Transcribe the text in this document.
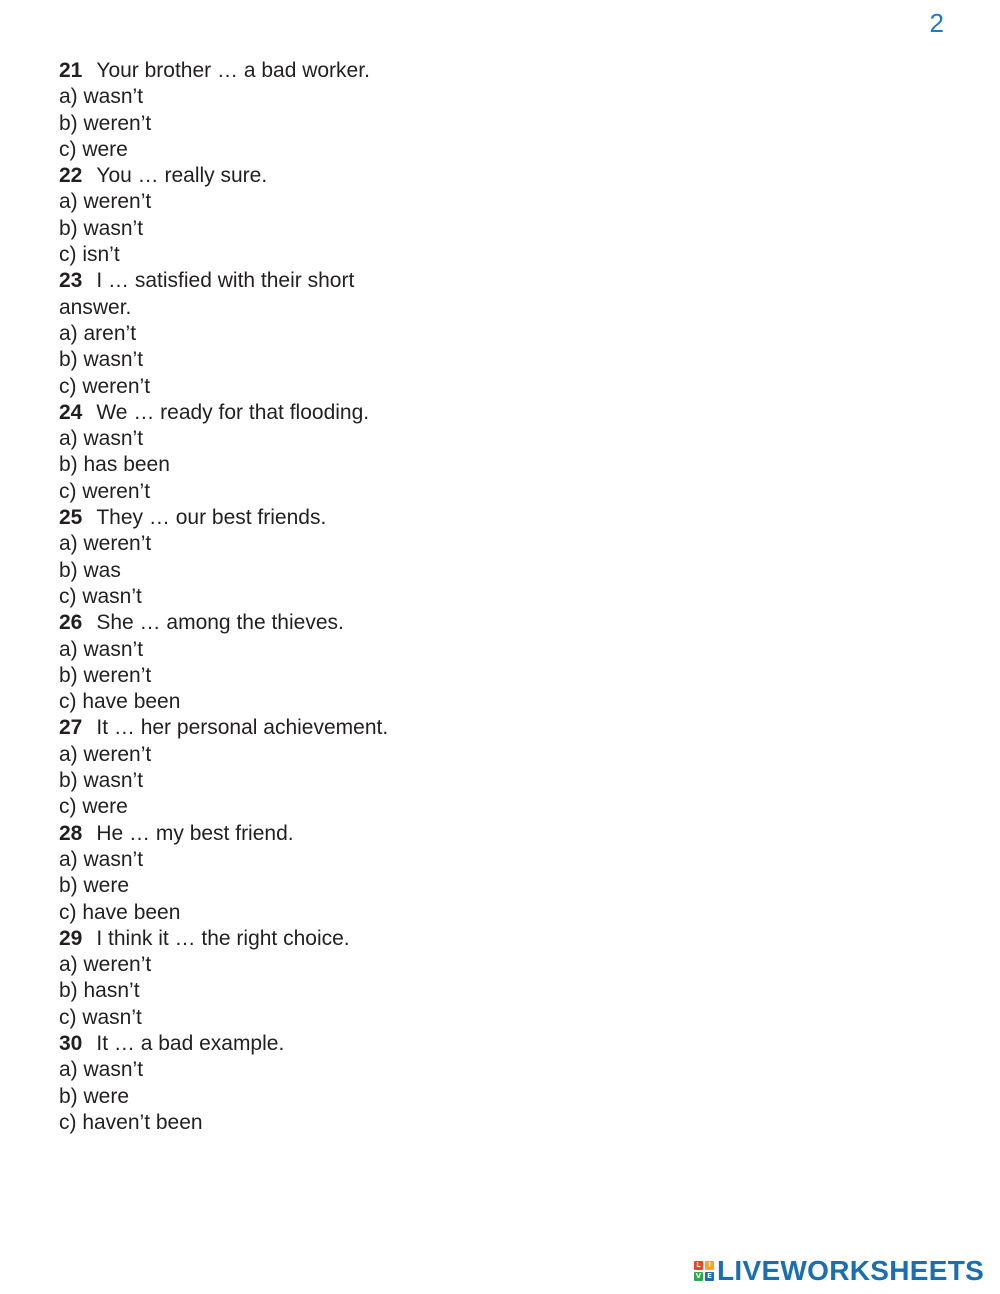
2
21 Your brother … a bad worker.
a) wasn’t
b) weren’t
c) were
22 You … really sure.
a) weren’t
b) wasn’t
c) isn’t
23 I … satisfied with their short
answer.
a) aren’t
b) wasn’t
c) weren’t
24 We … ready for that flooding.
a) wasn’t
b) has been
c) weren’t
25 They … our best friends.
a) weren’t
b) was
c) wasn’t
26 She … among the thieves.
a) wasn’t
b) weren’t
c) have been
27 It … her personal achievement.
a) weren’t
b) wasn’t
c) were
28 He … my best friend.
a) wasn’t
b) were
c) have been
29 I think it … the right choice.
a) weren’t
b) hasn’t
c) wasn’t
30 It … a bad example.
a) wasn’t
b) were
c) haven’t been
L	I
V E LIVEWORKSHEETS
